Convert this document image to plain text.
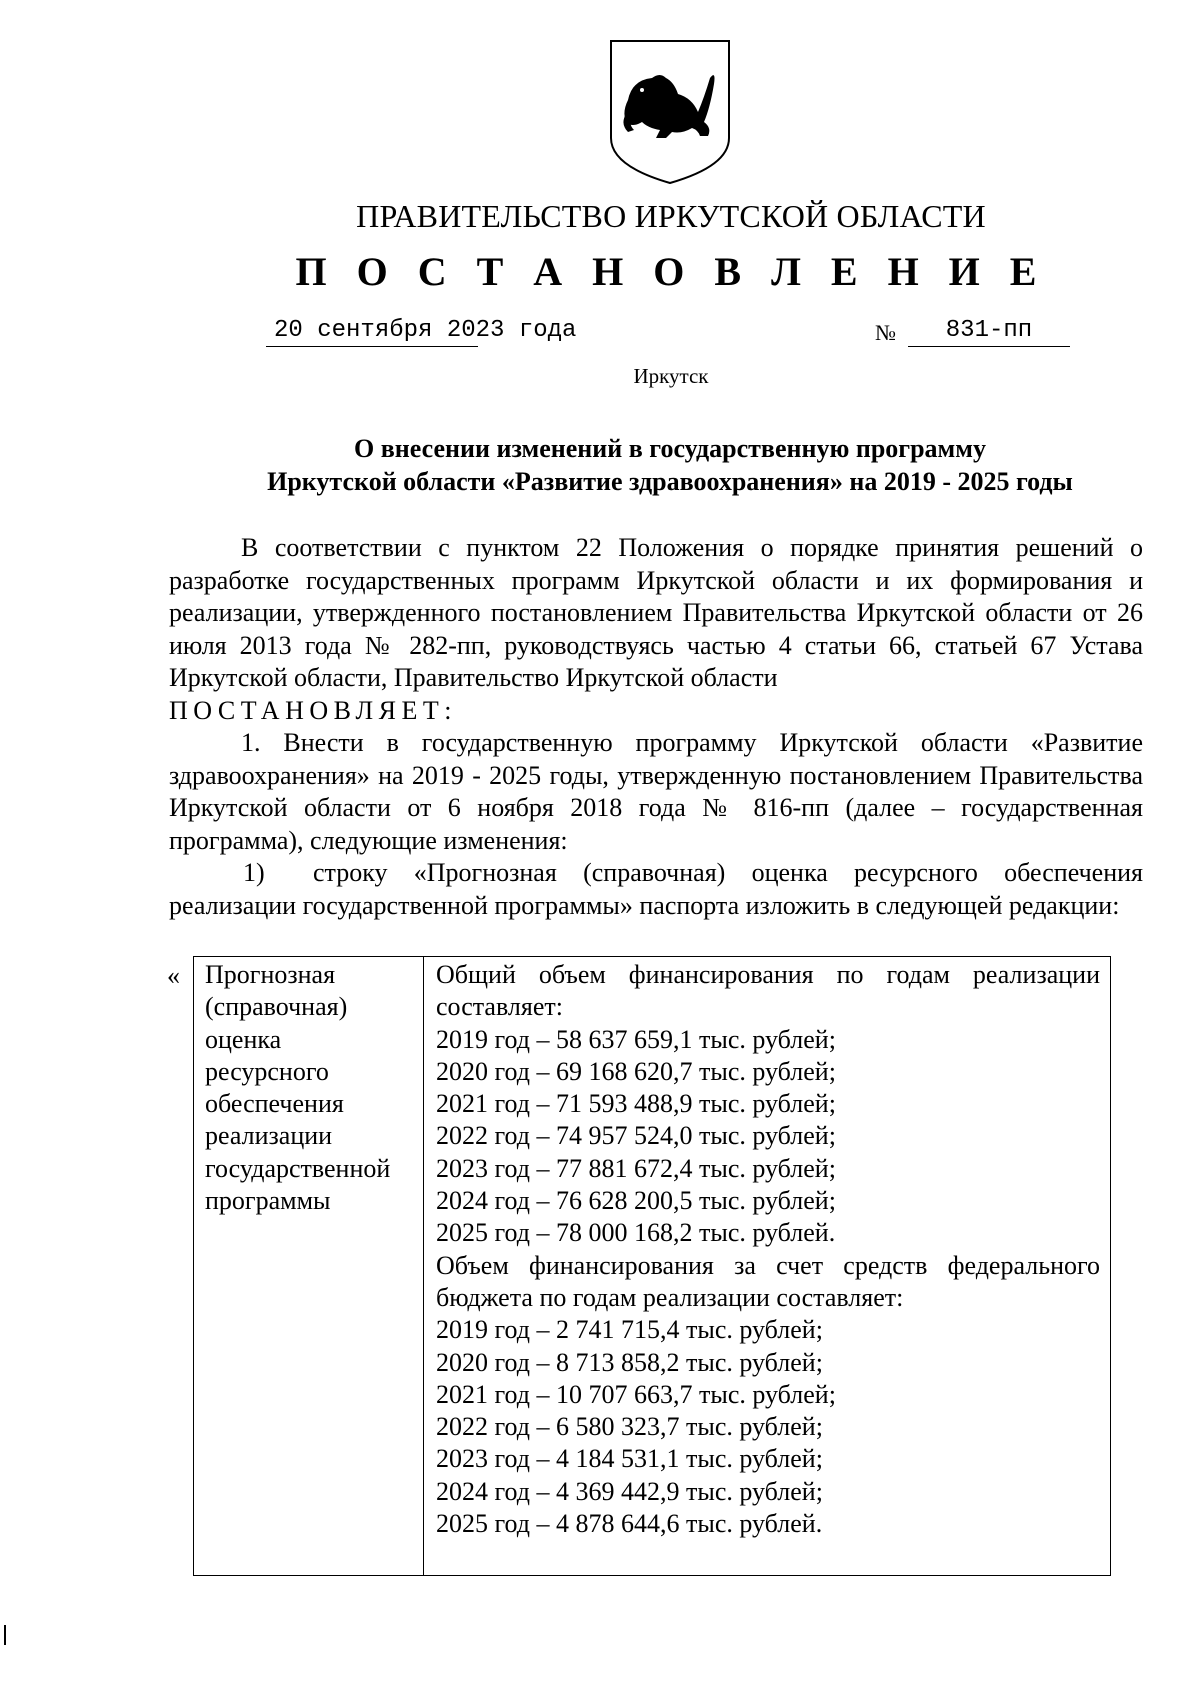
ПРАВИТЕЛЬСТВО ИРКУТСКОЙ ОБЛАСТИ
П О С Т А Н О В Л Е Н И Е
20 сентября 2023 года	№	831-пп
Иркутск
О внесении изменений в государственную программу
Иркутской области «Развитие здравоохранения» на 2019 - 2025 годы

В соответствии с пунктом 22 Положения о порядке принятия решений о разработке государственных программ Иркутской области и их формирования и реализации, утвержденного постановлением Правительства Иркутской области от 26 июля 2013 года № 282-пп, руководствуясь частью 4 статьи 66, статьей 67 Устава Иркутской области, Правительство Иркутской области

ПОСТАНОВЛЯЕТ:

1. Внести в государственную программу Иркутской области «Развитие здравоохранения» на 2019 - 2025 годы, утвержденную постановлением Правительства Иркутской области от 6 ноября 2018 года № 816-пп (далее – государственная программа), следующие изменения:

1) строку «Прогнозная (справочная) оценка ресурсного обеспечения реализации государственной программы» паспорта изложить в следующей редакции:

« Прогнозная
(справочная)
оценка
ресурсного
обеспечения
реализации
государственной
программы
Общий объем финансирования по годам реализации составляет:
2019 год – 58 637 659,1 тыс. рублей;
2020 год – 69 168 620,7 тыс. рублей;
2021 год – 71 593 488,9 тыс. рублей;
2022 год – 74 957 524,0 тыс. рублей;
2023 год – 77 881 672,4 тыс. рублей;
2024 год – 76 628 200,5 тыс. рублей;
2025 год – 78 000 168,2 тыс. рублей.
Объем финансирования за счет средств федерального бюджета по годам реализации составляет:
2019 год – 2 741 715,4 тыс. рублей;
2020 год – 8 713 858,2 тыс. рублей;
2021 год – 10 707 663,7 тыс. рублей;
2022 год – 6 580 323,7 тыс. рублей;
2023 год – 4 184 531,1 тыс. рублей;
2024 год – 4 369 442,9 тыс. рублей;
2025 год – 4 878 644,6 тыс. рублей.
